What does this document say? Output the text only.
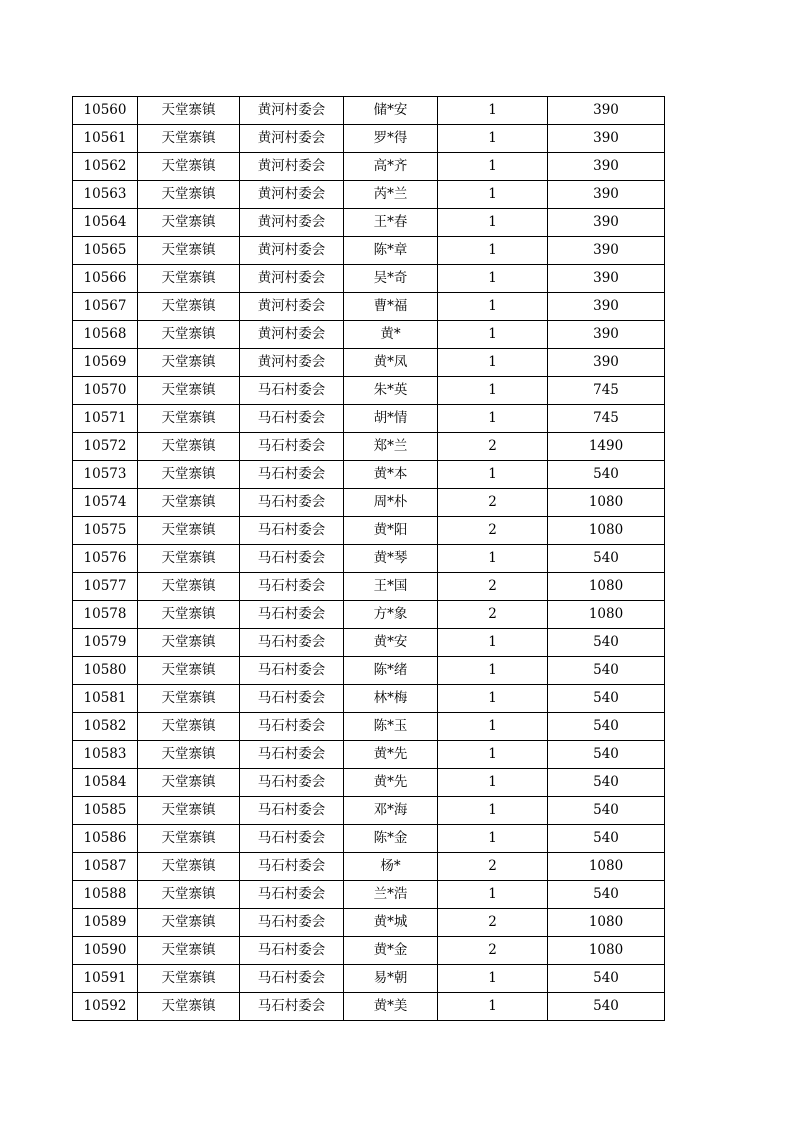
10560	天堂寨镇	黄河村委会	储*安	1	390
10561	天堂寨镇	黄河村委会	罗*得	1	390
10562	天堂寨镇	黄河村委会	高*齐	1	390
10563	天堂寨镇	黄河村委会	芮*兰	1	390
10564	天堂寨镇	黄河村委会	王*春	1	390
10565	天堂寨镇	黄河村委会	陈*章	1	390
10566	天堂寨镇	黄河村委会	吴*奇	1	390
10567	天堂寨镇	黄河村委会	曹*福	1	390
10568	天堂寨镇	黄河村委会	黄*	1	390
10569	天堂寨镇	黄河村委会	黄*凤	1	390
10570	天堂寨镇	马石村委会	朱*英	1	745
10571	天堂寨镇	马石村委会	胡*情	1	745
10572	天堂寨镇	马石村委会	郑*兰	2	1490
10573	天堂寨镇	马石村委会	黄*本	1	540
10574	天堂寨镇	马石村委会	周*朴	2	1080
10575	天堂寨镇	马石村委会	黄*阳	2	1080
10576	天堂寨镇	马石村委会	黄*琴	1	540
10577	天堂寨镇	马石村委会	王*国	2	1080
10578	天堂寨镇	马石村委会	方*象	2	1080
10579	天堂寨镇	马石村委会	黄*安	1	540
10580	天堂寨镇	马石村委会	陈*绪	1	540
10581	天堂寨镇	马石村委会	林*梅	1	540
10582	天堂寨镇	马石村委会	陈*玉	1	540
10583	天堂寨镇	马石村委会	黄*先	1	540
10584	天堂寨镇	马石村委会	黄*先	1	540
10585	天堂寨镇	马石村委会	邓*海	1	540
10586	天堂寨镇	马石村委会	陈*金	1	540
10587	天堂寨镇	马石村委会	杨*	2	1080
10588	天堂寨镇	马石村委会	兰*浩	1	540
10589	天堂寨镇	马石村委会	黄*城	2	1080
10590	天堂寨镇	马石村委会	黄*金	2	1080
10591	天堂寨镇	马石村委会	易*朝	1	540
10592	天堂寨镇	马石村委会	黄*美	1	540
